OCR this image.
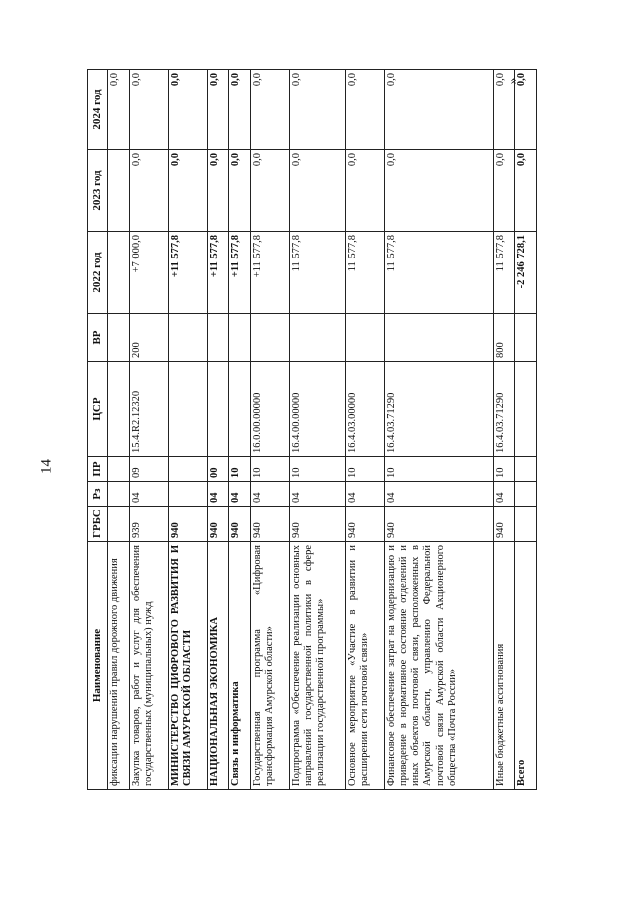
14
»
Наименование	ГРБС	Рз	ПР	ЦСР	ВР	2022 год	2023 год	2024 год
фиксации нарушений правил дорожного движения								0,0
Закупка товаров, работ и услуг для обеспечения государственных (муниципальных) нужд	939	04	09	15.4.R2.12320	200	+7 000,0	0,0	0,0
МИНИСТЕРСТВО ЦИФРОВОГО РАЗВИТИЯ И СВЯЗИ АМУРСКОЙ ОБЛАСТИ	940					+11 577,8	0,0	0,0
НАЦИОНАЛЬНАЯ ЭКОНОМИКА	940	04	00			+11 577,8	0,0	0,0
Связь и информатика	940	04	10			+11 577,8	0,0	0,0
Государственная программа «Цифровая трансформация Амурской области»	940	04	10	16.0.00.00000		+11 577,8	0,0	0,0
Подпрограмма «Обеспечение реализации основных направлений государственной политики в сфере реализации государственной программы»	940	04	10	16.4.00.00000		11 577,8	0,0	0,0
Основное мероприятие «Участие в развитии и расширении сети почтовой связи»	940	04	10	16.4.03.00000		11 577,8	0,0	0,0
Финансовое обеспечение затрат на модернизацию и приведение в нормативное состояние отделений и иных объектов почтовой связи, расположенных в Амурской области, управлению Федеральной почтовой связи Амурской области Акционерного общества «Почта России»	940	04	10	16.4.03.71290		11 577,8	0,0	0,0
Иные бюджетные ассигнования	940	04	10	16.4.03.71290	800	11 577,8	0,0	0,0
Всего						-2 246 728,1	0,0	0,0
